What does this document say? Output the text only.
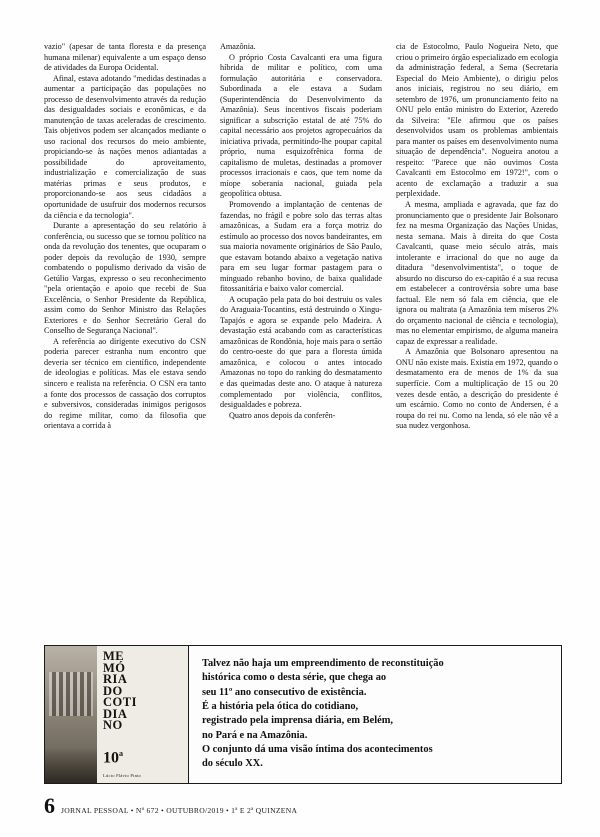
vazio" (apesar de tanta floresta e da presença humana milenar) equivalente a um espaço denso de atividades da Europa Ocidental.

Afinal, estava adotando "medidas destinadas a aumentar a participação das populações no processo de desenvolvimento através da redução das desigualdades sociais e econômicas, e da manutenção de taxas aceleradas de crescimento. Tais objetivos podem ser alcançados mediante o uso racional dos recursos do meio ambiente, propiciando-se às nações menos adiantadas a possibilidade do aproveitamento, industrialização e comercialização de suas matérias primas e seus produtos, e proporcionando-se aos seus cidadãos a oportunidade de usufruir dos modernos recursos da ciência e da tecnologia".

Durante a apresentação do seu relatório à conferência, ou sucesso que se tornou político na onda da revolução dos tenentes, que ocuparam o poder depois da revolução de 1930, sempre combatendo o populismo derivado da visão de Getúlio Vargas, expresso o seu reconhecimento "pela orientação e apoio que recebi de Sua Excelência, o Senhor Presidente da República, assim como do Senhor Ministro das Relações Exteriores e do Senhor Secretário Geral do Conselho de Segurança Nacional".

A referência ao dirigente executivo do CSN poderia parecer estranha num encontro que deveria ser técnico em científico, independente de ideologias e políticas. Mas ele estava sendo sincero e realista na referência. O CSN era tanto a fonte dos processos de cassação dos corruptos e subversivos, consideradas inimigos perigosos do regime militar, como da filosofia que orientava a corrida à

Amazônia.

O próprio Costa Cavalcanti era uma figura híbrida de militar e político, com uma formulação autoritária e conservadora. Subordinada a ele estava a Sudam (Superintendência do Desenvolvimento da Amazônia). Seus incentivos fiscais poderiam significar a subscrição estatal de até 75% do capital necessário aos projetos agropecuários da iniciativa privada, permitindo-lhe poupar capital próprio, numa esquizofrênica forma de capitalismo de muletas, destinadas a promover processos irracionais e caos, que tem nome da míope soberania nacional, guiada pela geopolítica obtusa.

Promovendo a implantação de centenas de fazendas, no frágil e pobre solo das terras altas amazônicas, a Sudam era a força motriz do estímulo ao processo dos novos bandeirantes, em sua maioria novamente originários de São Paulo, que estavam botando abaixo a vegetação nativa para em seu lugar formar pastagem para o minguado rebanho bovino, de baixa qualidade fitossanitária e baixo valor comercial.

A ocupação pela pata do boi destruiu os vales do Araguaia-Tocantins, está destruindo o Xingu-Tapajós e agora se expande pelo Madeira. A devastação está acabando com as características amazônicas de Rondônia, hoje mais para o sertão do centro-oeste do que para a floresta úmida amazônica, e colocou o antes intocado Amazonas no topo do ranking do desmatamento e das queimadas deste ano. O ataque à natureza complementado por violência, conflitos, desigualdades e pobreza.

Quatro anos depois da conferên-

cia de Estocolmo, Paulo Nogueira Neto, que criou o primeiro órgão especializado em ecologia da administração federal, a Sema (Secretaria Especial do Meio Ambiente), o dirigiu pelos anos iniciais, registrou no seu diário, em setembro de 1976, um pronunciamento feito na ONU pelo então ministro do Exterior, Azeredo da Silveira: "Ele afirmou que os países desenvolvidos usam os problemas ambientais para manter os países em desenvolvimento numa situação de dependência". Nogueira anotou a respeito: "Parece que não ouvimos Costa Cavalcanti em Estocolmo em 1972!", com o acento de exclamação a traduzir a sua perplexidade.

A mesma, ampliada e agravada, que faz do pronunciamento que o presidente Jair Bolsonaro fez na mesma Organização das Nações Unidas, nesta semana. Mais à direita do que Costa Cavalcanti, quase meio século atrás, mais intolerante e irracional do que no auge da ditadura "desenvolvimentista", o toque de absurdo no discurso do ex-capitão é a sua recusa em estabelecer a controvérsia sobre uma base factual. Ele nem só fala em ciência, que ele ignora ou maltrata (a Amazônia tem míseros 2% do orçamento nacional de ciência e tecnologia), mas no elementar empirismo, de alguma maneira capaz de expressar a realidade.

A Amazônia que Bolsonaro apresentou na ONU não existe mais. Existia em 1972, quando o desmatamento era de menos de 1% da sua superfície. Com a multiplicação de 15 ou 20 vezes desde então, a descrição do presidente é um escárnio. Como no conto de Andersen, é a roupa do rei nu. Como na lenda, só ele não vê a sua nudez vergonhosa.

ME
MÓ
RIA
DO
COTI
DIA
NO
10$^a$
Lúcio Flávio Pinto

Talvez não haja um empreendimento de reconstituição

histórica como o desta série, que chega ao

seu 11º ano consecutivo de existência.

É a história pela ótica do cotidiano,

registrado pela imprensa diária, em Belém,

no Pará e na Amazônia.

O conjunto dá uma visão íntima dos acontecimentos

do século XX.

6 JORNAL PESSOAL • Nº 672 • OUTUBRO/2019 • 1ª E 2ª QUINZENA
